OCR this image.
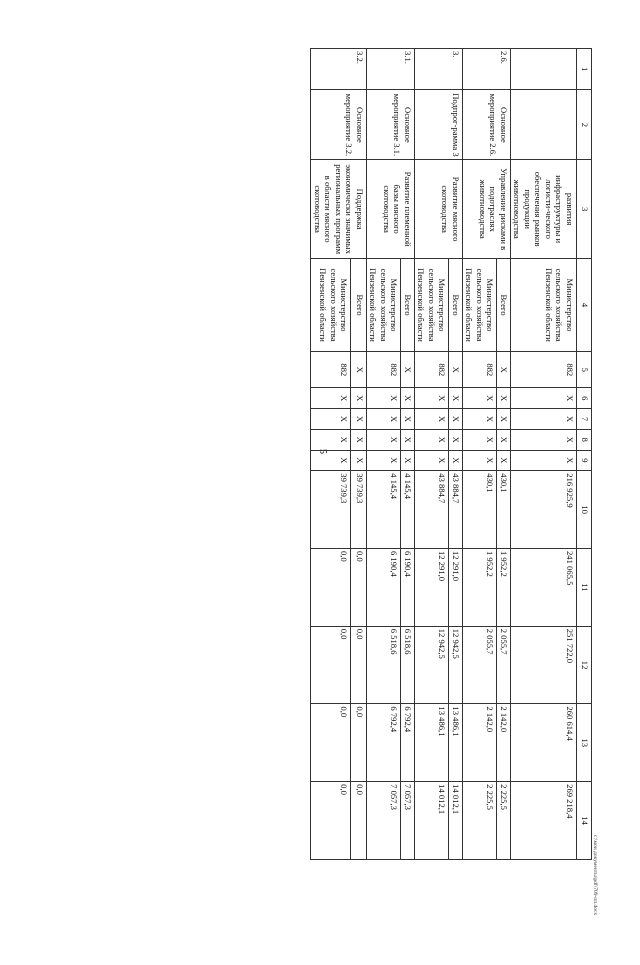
5
1	2	3	4	5	6	7	8	9	10	11	12	13	14
		развития инфраструктуры и логисти-ческого обеспечения рынков продукции животноводства	Министерство сельского хозяйства Пензенской области	882	X	X	X	X	216 925,9	241 065,5	251 722,0	260 614,4	269 218,4
2.6.	Основное мероприятие 2.6.	Управление рисками в подотраслях животноводства	Всего	X	X	X	X	X	430,1	1 952,2	2 055,7	2 142,0	2 225,5
			Министерство сельского хозяйства Пензенской области	882	X	X	X	X	430,1	1 952,2	2 055,7	2 142,0	2 225,5
3.	Подпрог-рамма 3	Развитие мясного скотоводства	Всего	X	X	X	X	X	43 884,7	12 291,0	12 942,5	13 486,1	14 012,1
			Министерство сельского хозяйства Пензенской области	882	X	X	X	X	43 884,7	12 291,0	12 942,5	13 486,1	14 012,1
3.1.	Основное мероприятие 3.1.	Развитие племенной базы мясного скотоводства	Всего	X	X	X	X	X	4 145,4	6 190,4	6 518,6	6 792,4	7 057,3
			Министерство сельского хозяйства Пензенской области	882	X	X	X	X	4 145,4	6 190,4	6 518,6	6 792,4	7 057,3
3.2.	Основное мероприятие 3.2.	Поддержка экономически значимых региональных программ в области мясного скотоводства	Всего	X	X	X	X	X	39 739,3	0,0	0,0	0,0	0,0
			Министерство сельского хозяйства Пензенской области	882	X	X	X	X	39 739,3	0,0	0,0	0,0	0,0
c:\мои документы\pdf\709-пп.docx
